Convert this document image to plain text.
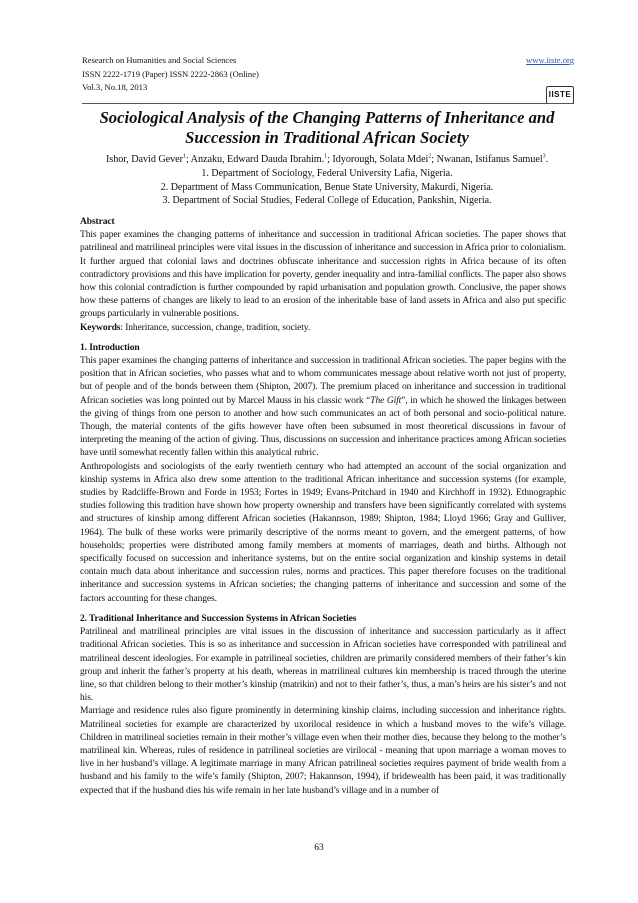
Research on Humanities and Social Sciences
ISSN 2222-1719 (Paper) ISSN 2222-2863 (Online)
Vol.3, No.18, 2013
www.iiste.org
IISTE
Sociological Analysis of the Changing Patterns of Inheritance and
Succession in Traditional African Society

Ishor, David Gever$^1$; Anzaku, Edward Dauda Ibrahim.$^1$; Idyorough, Solata Mdei$^2$; Nwanan, Istifanus Samuel$^3$.

1. Department of Sociology, Federal University Lafia, Nigeria.

2. Department of Mass Communication, Benue State University, Makurdi, Nigeria.

3. Department of Social Studies, Federal College of Education, Pankshin, Nigeria.

Abstract

This paper examines the changing patterns of inheritance and succession in traditional African societies. The paper shows that patrilineal and matrilineal principles were vital issues in the discussion of inheritance and succession in Africa prior to colonialism. It further argued that colonial laws and doctrines obfuscate inheritance and succession rights in Africa because of its often contradictory provisions and this have implication for poverty, gender inequality and intra-familial conflicts. The paper also shows how this colonial contradiction is further compounded by rapid urbanisation and population growth. Conclusive, the paper shows how these patterns of changes are likely to lead to an erosion of the inheritable base of land assets in Africa and also put specific groups particularly in vulnerable positions.

Keywords: Inheritance, succession, change, tradition, society.

1. Introduction

This paper examines the changing patterns of inheritance and succession in traditional African societies. The paper begins with the position that in African societies, who passes what and to whom communicates message about relative worth not just of property, but of people and of the bonds between them (Shipton, 2007). The premium placed on inheritance and succession in traditional African societies was long pointed out by Marcel Mauss in his classic work “The Gift”, in which he showed the linkages between the giving of things from one person to another and how such communicates an act of both personal and socio-political nature. Though, the material contents of the gifts however have often been subsumed in most theoretical discussions in favour of interpreting the meaning of the action of giving. Thus, discussions on succession and inheritance practices among African societies have until somewhat recently fallen within this analytical rubric.

Anthropologists and sociologists of the early twentieth century who had attempted an account of the social organization and kinship systems in Africa also drew some attention to the traditional African inheritance and succession systems (for example, studies by Radcliffe-Brown and Forde in 1953; Fortes in 1949; Evans-Pritchard in 1940 and Kirchhoff in 1932). Ethnographic studies following this tradition have shown how property ownership and transfers have been significantly correlated with systems and structures of kinship among different African societies (Hakannson, 1989; Shipton, 1984; Lloyd 1966; Gray and Gulliver, 1964). The bulk of these works were primarily descriptive of the norms meant to govern, and the emergent patterns, of how households; properties were distributed among family members at moments of marriages, death and births. Although not specifically focused on succession and inheritance systems, but on the entire social organization and kinship systems in detail contain much data about inheritance and succession rules, norms and practices. This paper therefore focuses on the traditional inheritance and succession systems in African societies; the changing patterns of inheritance and succession and some of the factors accounting for these changes.

2. Traditional Inheritance and Succession Systems in African Societies

Patrilineal and matrilineal principles are vital issues in the discussion of inheritance and succession particularly as it affect traditional African societies. This is so as inheritance and succession in African societies have corresponded with patrilineal and matrilineal descent ideologies. For example in patrilineal societies, children are primarily considered members of their father’s kin group and inherit the father’s property at his death, whereas in matrilineal cultures kin membership is traced through the uterine line, so that children belong to their mother’s kinship (matrikin) and not to their father’s, thus, a man’s heirs are his sister’s and not his.

Marriage and residence rules also figure prominently in determining kinship claims, including succession and inheritance rights. Matrilineal societies for example are characterized by uxorilocal residence in which a husband moves to the wife’s village. Children in matrilineal societies remain in their mother’s village even when their mother dies, because they belong to the mother’s matrilineal kin. Whereas, rules of residence in patrilineal societies are virilocal - meaning that upon marriage a woman moves to live in her husband’s village. A legitimate marriage in many African patrilineal societies requires payment of bride wealth from a husband and his family to the wife’s family (Shipton, 2007; Hakannson, 1994), if bridewealth has been paid, it was traditionally expected that if the husband dies his wife remain in her late husband’s village and in a number of

63
